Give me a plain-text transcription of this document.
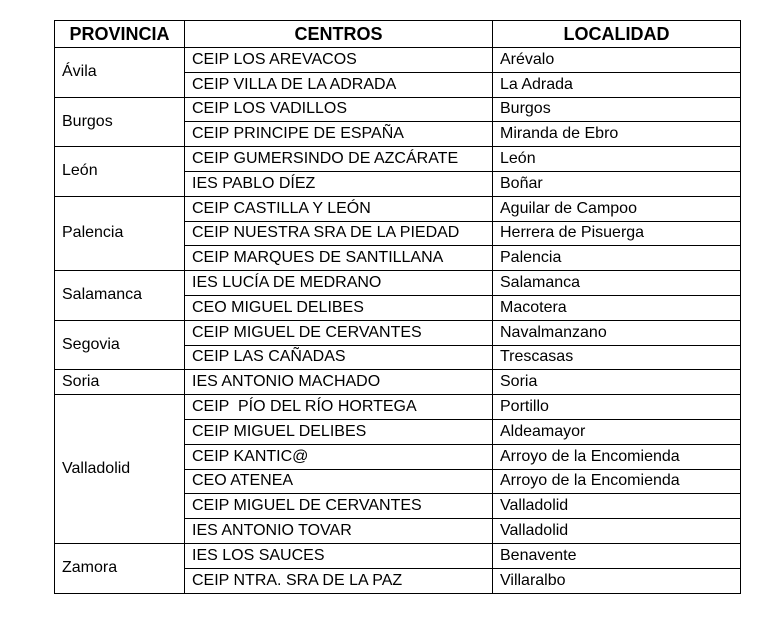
PROVINCIA	CENTROS	LOCALIDAD
Ávila	CEIP LOS AREVACOS	Arévalo
	CEIP VILLA DE LA ADRADA	La Adrada
Burgos	CEIP LOS VADILLOS	Burgos
	CEIP PRINCIPE DE ESPAÑA	Miranda de Ebro
León	CEIP GUMERSINDO DE AZCÁRATE	León
	IES PABLO DÍEZ	Boñar
Palencia	CEIP CASTILLA Y LEÓN	Aguilar de Campoo
	CEIP NUESTRA SRA DE LA PIEDAD	Herrera de Pisuerga
	CEIP MARQUES DE SANTILLANA	Palencia
Salamanca	IES LUCÍA DE MEDRANO	Salamanca
	CEO MIGUEL DELIBES	Macotera
Segovia	CEIP MIGUEL DE CERVANTES	Navalmanzano
	CEIP LAS CAÑADAS	Trescasas
Soria	IES ANTONIO MACHADO	Soria
Valladolid	CEIP  PÍO DEL RÍO HORTEGA	Portillo
	CEIP MIGUEL DELIBES	Aldeamayor
	CEIP KANTIC@	Arroyo de la Encomienda
	CEO ATENEA	Arroyo de la Encomienda
	CEIP MIGUEL DE CERVANTES	Valladolid
	IES ANTONIO TOVAR	Valladolid
Zamora	IES LOS SAUCES	Benavente
	CEIP NTRA. SRA DE LA PAZ	Villaralbo
